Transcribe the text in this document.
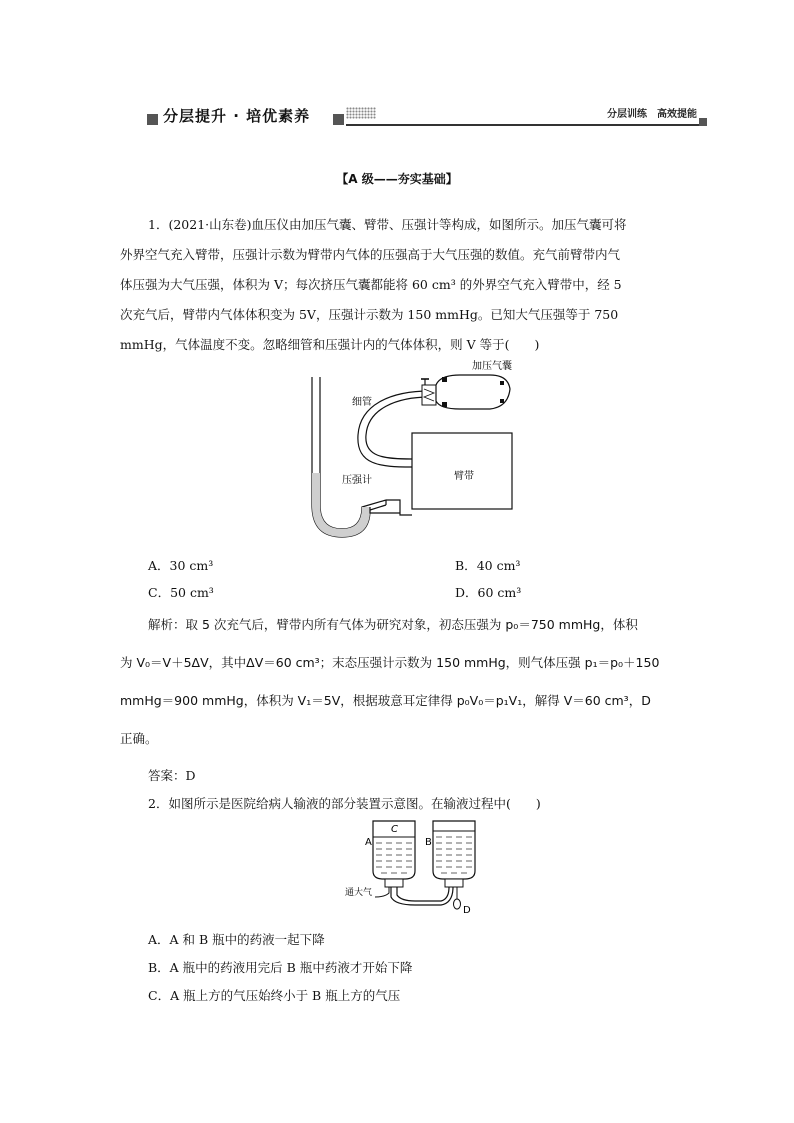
分层提升 · 培优素养	分层训练　高效提能
【A 级——夯实基础】
1．(2021·山东卷)血压仪由加压气囊、臂带、压强计等构成，如图所示。加压气囊可将
外界空气充入臂带，压强计示数为臂带内气体的压强高于大气压强的数值。充气前臂带内气
体压强为大气压强，体积为 V；每次挤压气囊都能将 60 cm³ 的外界空气充入臂带中，经 5
次充气后，臂带内气体体积变为 5V，压强计示数为 150 mmHg。已知大气压强等于 750
mmHg，气体温度不变。忽略细管和压强计内的气体体积，则 V 等于(　　)
加压气囊
细管
压强计	臂带
A．30 cm³	B．40 cm³
C．50 cm³	D．60 cm³
解析：取 5 次充气后，臂带内所有气体为研究对象，初态压强为 p₀＝750 mmHg，体积
为 V₀＝V＋5ΔV，其中ΔV＝60 cm³；末态压强计示数为 150 mmHg，则气体压强 p₁＝p₀＋150
mmHg＝900 mmHg，体积为 V₁＝5V，根据玻意耳定律得 p₀V₀＝p₁V₁，解得 V＝60 cm³，D
正确。
答案：D
2．如图所示是医院给病人输液的部分装置示意图。在输液过程中(　　)
A	B
C
D
通大气
A．A 和 B 瓶中的药液一起下降
B．A 瓶中的药液用完后 B 瓶中药液才开始下降
C．A 瓶上方的气压始终小于 B 瓶上方的气压
